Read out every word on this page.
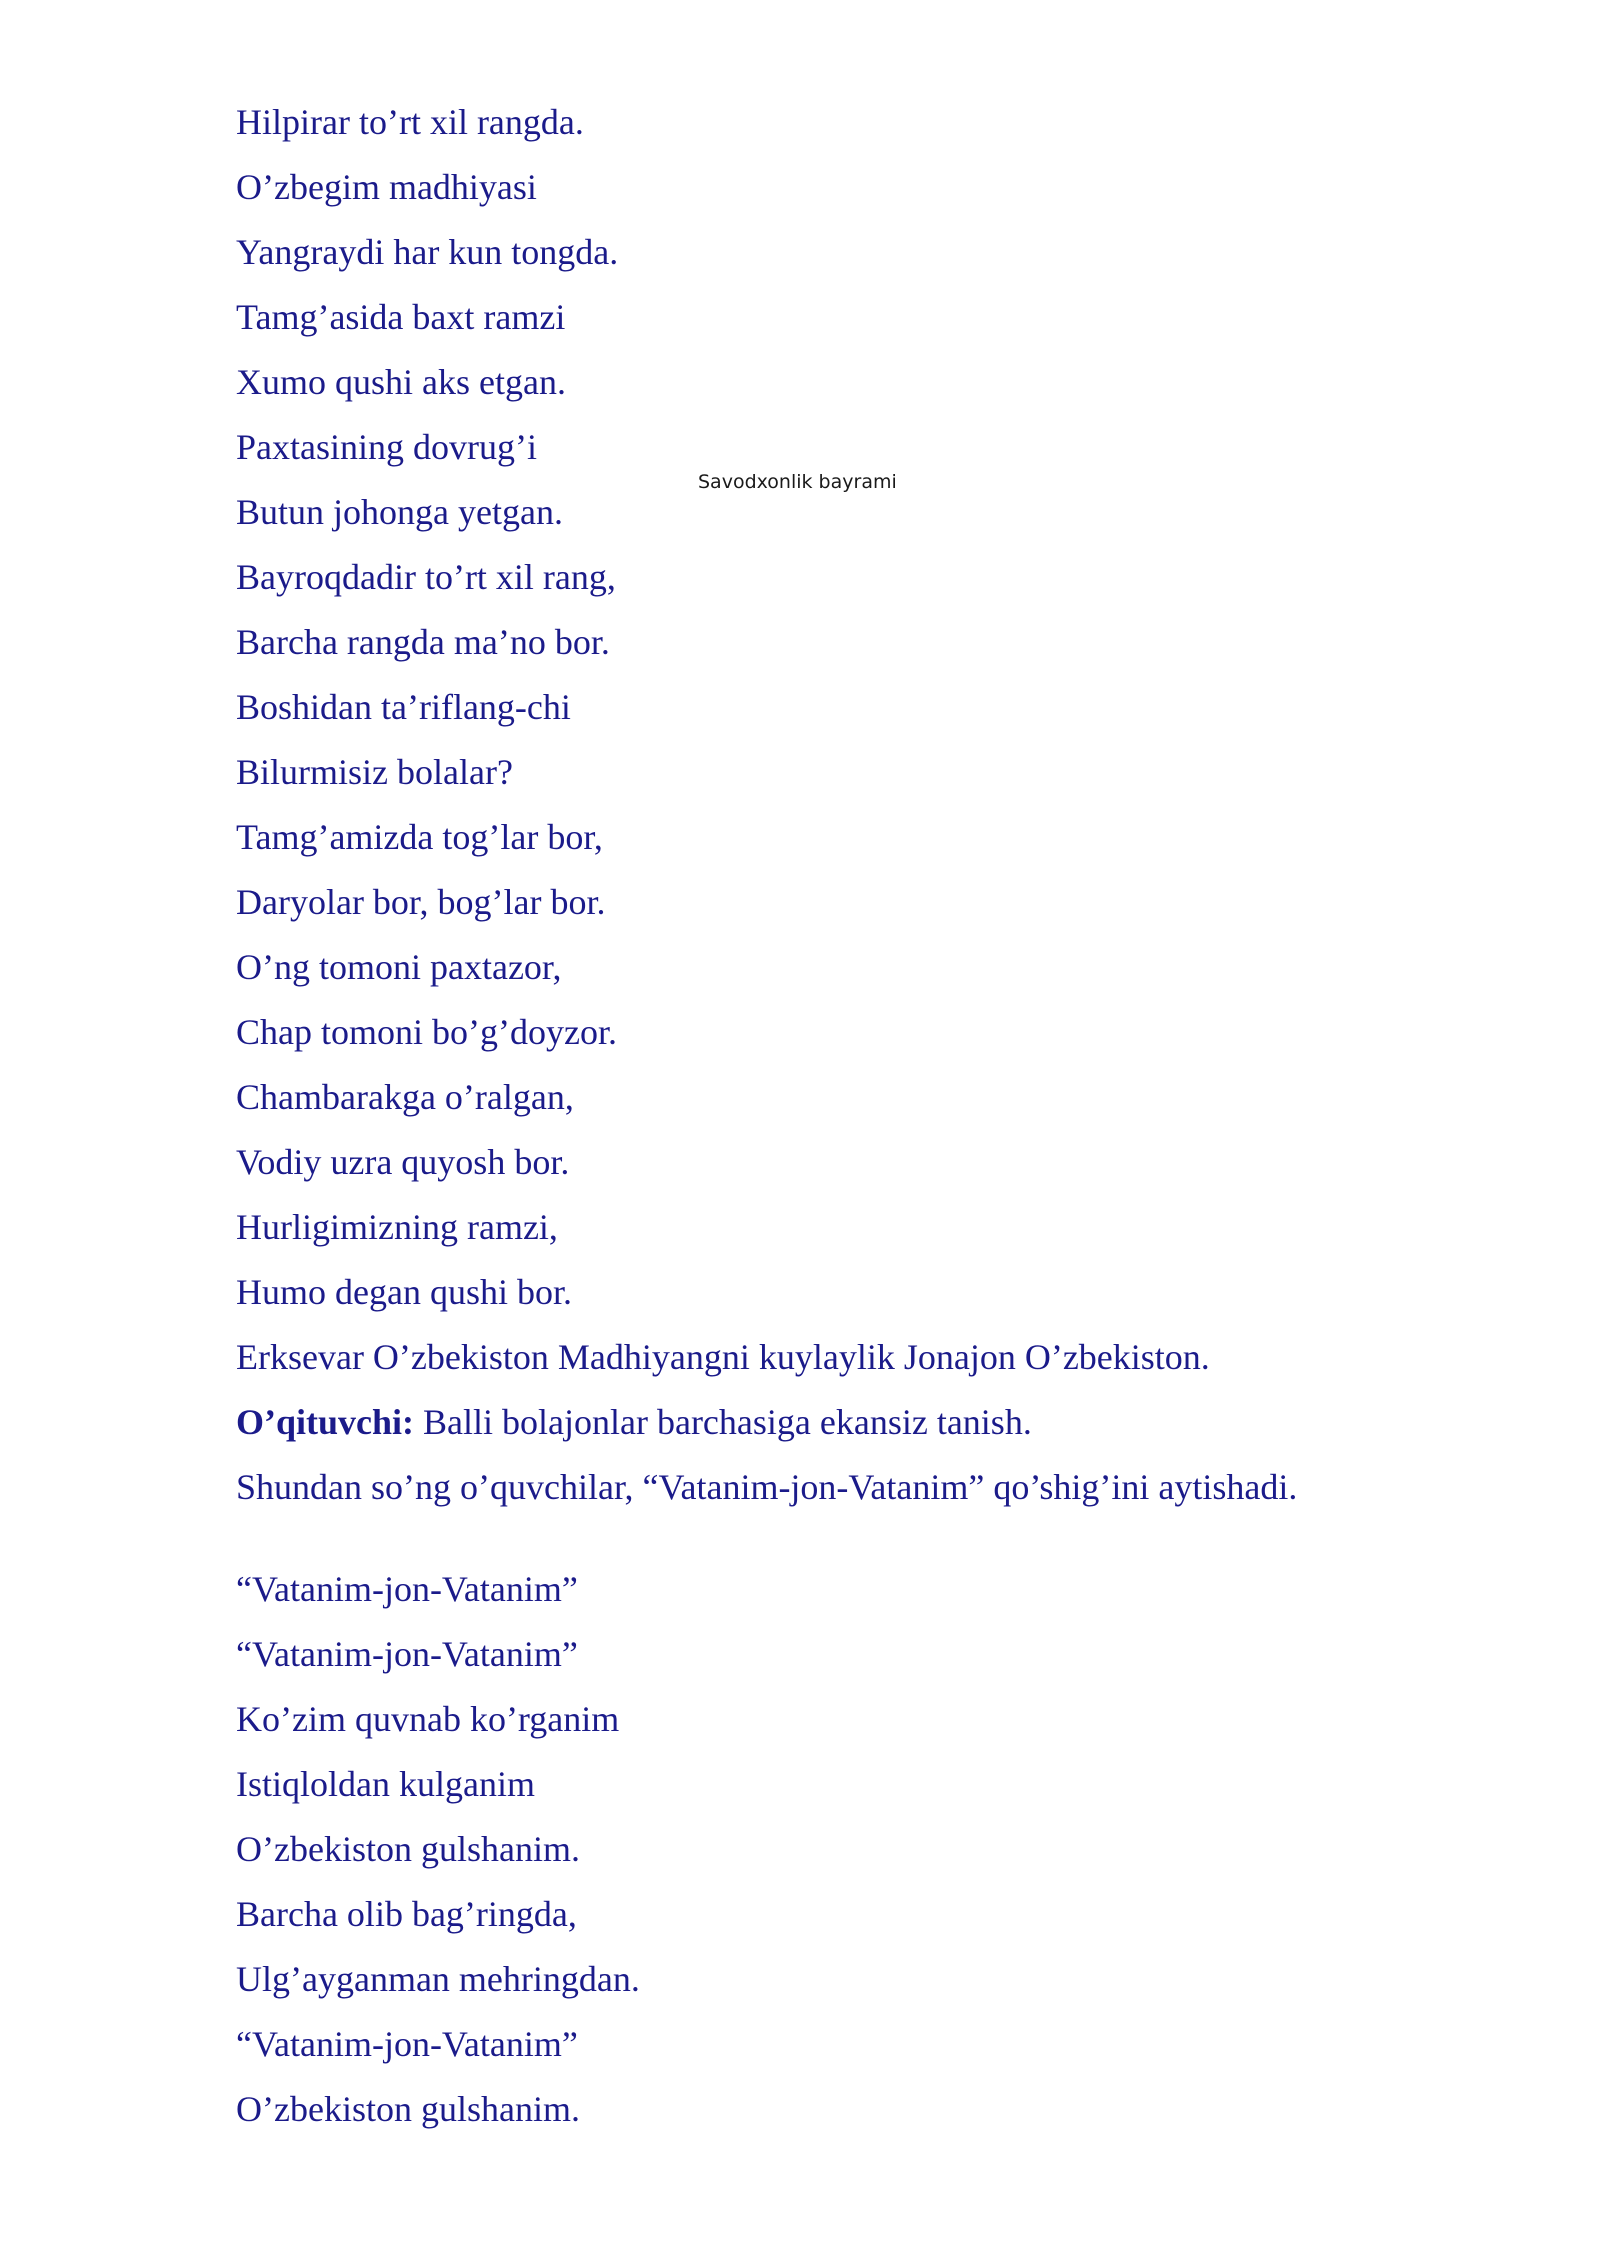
Savodxonlik bayrami
Hilpirar to’rt xil rangda.
O’zbegim madhiyasi
Yangraydi har kun tongda.
Tamg’asida baxt ramzi
Xumo qushi aks etgan.
Paxtasining dovrug’i
Butun johonga yetgan.
Bayroqdadir to’rt xil rang,
Barcha rangda ma’no bor.
Boshidan ta’riflang-chi
Bilurmisiz bolalar?
Tamg’amizda tog’lar bor,
Daryolar bor, bog’lar bor.
O’ng tomoni paxtazor,
Chap tomoni bo’g’doyzor.
Chambarakga o’ralgan,
Vodiy uzra quyosh bor.
Hurligimizning ramzi,
Humo degan qushi bor.
Erksevar O’zbekiston Madhiyangni kuylaylik Jonajon O’zbekiston.
O’qituvchi: Balli bolajonlar barchasiga ekansiz tanish.
Shundan so’ng o’quvchilar, “Vatanim-jon-Vatanim” qo’shig’ini aytishadi.
“Vatanim-jon-Vatanim”
“Vatanim-jon-Vatanim”
Ko’zim quvnab ko’rganim
Istiqloldan kulganim
O’zbekiston gulshanim.
Barcha olib bag’ringda,
Ulg’ayganman mehringdan.
“Vatanim-jon-Vatanim”
O’zbekiston gulshanim.
